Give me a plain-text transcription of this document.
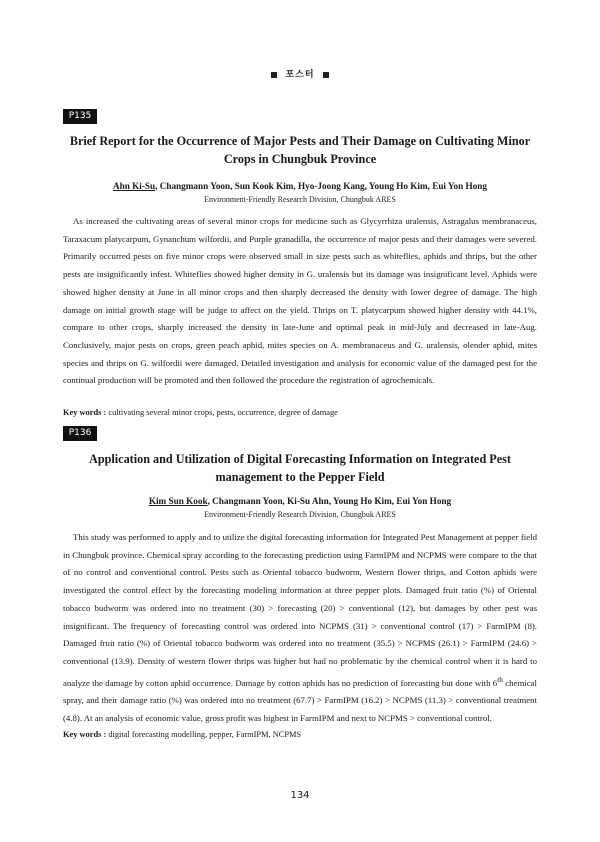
포스터
P135
Brief Report for the Occurrence of Major Pests and Their Damage on Cultivating Minor Crops in Chungbuk Province
Ahn Ki-Su, Changmann Yoon, Sun Kook Kim, Hyo-Joong Kang, Young Ho Kim, Eui Yon Hong
Environment-Friendly Research Division, Chungbuk ARES

As increased the cultivating areas of several minor crops for medicine such as Glycyrrhiza uralensis, Astragalus membranaceus, Taraxacum platycarpum, Gynanchum wilfordii, and Purple granadilla, the occurrence of major pests and their damages were severed. Primarily occurred pests on five minor crops were observed small in size pests such as whiteflies, aphids and thrips, but the other pests are insignificantly infest. Whiteflies showed higher density in G. uralensis but its damage was insignificant level. Aphids were showed higher density at June in all minor crops and then sharply decreased the density with lower degree of damage. The high damage on initial growth stage will be judge to affect on the yield. Thrips on T. platycarpum showed higher density with 44.1%, compare to other crops, sharply increased the density in late-June and optimal peak in mid-July and decreased in late-Aug. Conclusively, major pests on crops, green peach aphid, mites species on A. membranaceus and G. uralensis, olender aphid, mites species and thrips on G. wilfordii were damaged. Detailed investigation and analysis for economic value of the damaged pest for the continual production will be promoted and then followed the procedure the registration of agrochemicals.

Key words : cultivating several minor crops, pests, occurrence, degree of damage
P136
Application and Utilization of Digital Forecasting Information on Integrated Pest management to the Pepper Field
Kim Sun Kook, Changmann Yoon, Ki-Su Ahn, Young Ho Kim, Eui Yon Hong
Environment-Friendly Research Division, Chungbuk ARES

This study was performed to apply and to utilize the digital forecasting information for Integrated Pest Management at pepper field in Chungbuk province. Chemical spray according to the forecasting prediction using FarmIPM and NCPMS were compare to the that of no control and conventional control. Pests such as Oriental tobacco budworm, Western flower thrips, and Cotton aphids were investigated the control effect by the forecasting modeling information at three pepper plots. Damaged fruit ratio (%) of Oriental tobacco budworm was ordered into no treatment (30) > forecasting (20) > conventional (12), but damages by other pest was insignificant. The frequency of forecasting control was ordered into NCPMS (31) > conventional control (17) > FarmIPM (8). Damaged fruit ratio (%) of Oriental tobacco budworm was ordered into no treatment (35.5) > NCPMS (26.1) > FarmIPM (24.6) > conventional (13.9). Density of western flower thrips was higher but had no problematic by the chemical control when it is hard to analyze the damage by cotton aphid occurrence. Damage by cotton aphids has no prediction of forecasting but done with 6th chemical spray, and their damage ratio (%) was ordered into no treatment (67.7) > FarmIPM (16.2) > NCPMS (11.3) > conventional treatment (4.8). At an analysis of economic value, gross profit was highest in FarmIPM and next to NCPMS > conventional control.

Key words : digital forecasting modelling, pepper, FarmIPM, NCPMS
134
